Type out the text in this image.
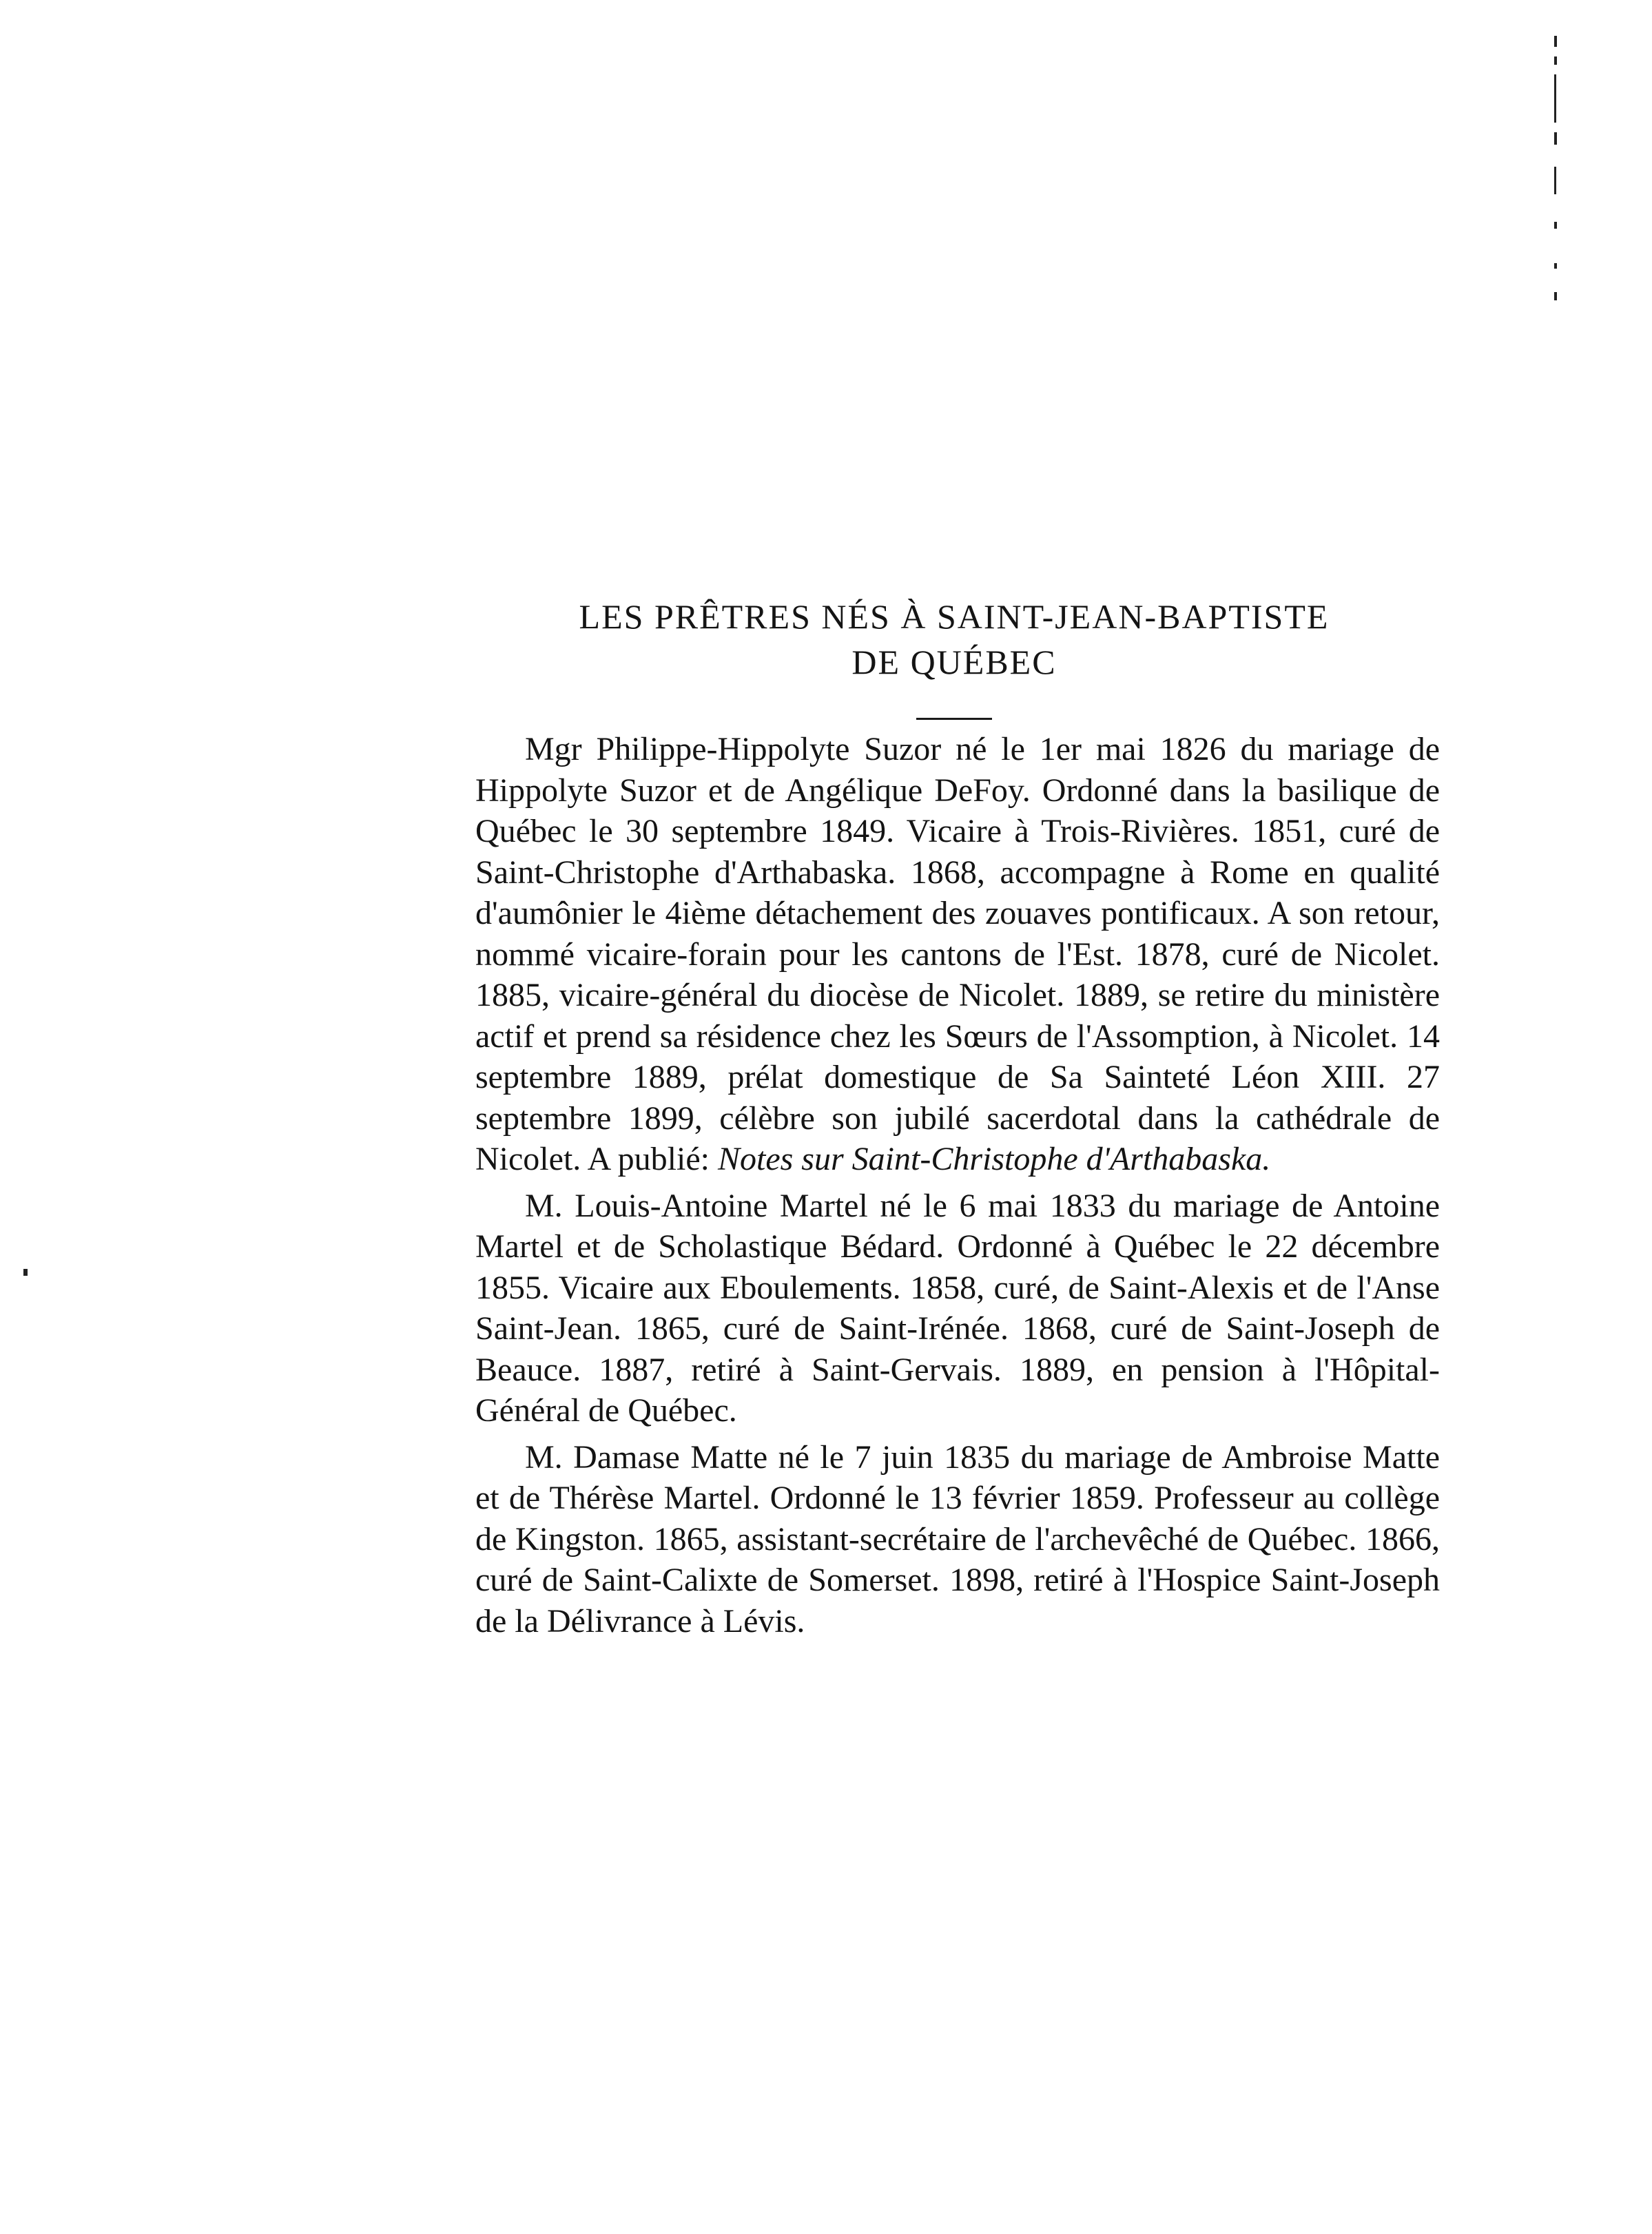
LES PRÊTRES NÉS À SAINT-JEAN-BAPTISTE
DE QUÉBEC

Mgr Philippe-Hippolyte Suzor né le 1er mai 1826 du mariage de Hippolyte Suzor et de Angélique DeFoy. Ordonné dans la basilique de Québec le 30 septembre 1849. Vicaire à Trois-Rivières. 1851, curé de Saint-Christophe d'Arthabaska. 1868, accompagne à Rome en qualité d'aumônier le 4ième détachement des zouaves pontificaux. A son retour, nommé vicaire-forain pour les cantons de l'Est. 1878, curé de Nicolet. 1885, vicaire-général du diocèse de Nicolet. 1889, se retire du ministère actif et prend sa résidence chez les Sœurs de l'Assomption, à Nicolet. 14 septembre 1889, prélat domestique de Sa Sainteté Léon XIII. 27 septembre 1899, célèbre son jubilé sacerdotal dans la cathédrale de Nicolet. A publié: Notes sur Saint-Christophe d'Arthabaska.

M. Louis-Antoine Martel né le 6 mai 1833 du mariage de Antoine Martel et de Scholastique Bédard. Ordonné à Québec le 22 décembre 1855. Vicaire aux Eboulements. 1858, curé, de Saint-Alexis et de l'Anse Saint-Jean. 1865, curé de Saint-Irénée. 1868, curé de Saint-Joseph de Beauce. 1887, retiré à Saint-Gervais. 1889, en pension à l'Hôpital-Général de Québec.

M. Damase Matte né le 7 juin 1835 du mariage de Ambroise Matte et de Thérèse Martel. Ordonné le 13 février 1859. Professeur au collège de Kingston. 1865, assistant-secrétaire de l'archevêché de Québec. 1866, curé de Saint-Calixte de Somerset. 1898, retiré à l'Hospice Saint-Joseph de la Délivrance à Lévis.
